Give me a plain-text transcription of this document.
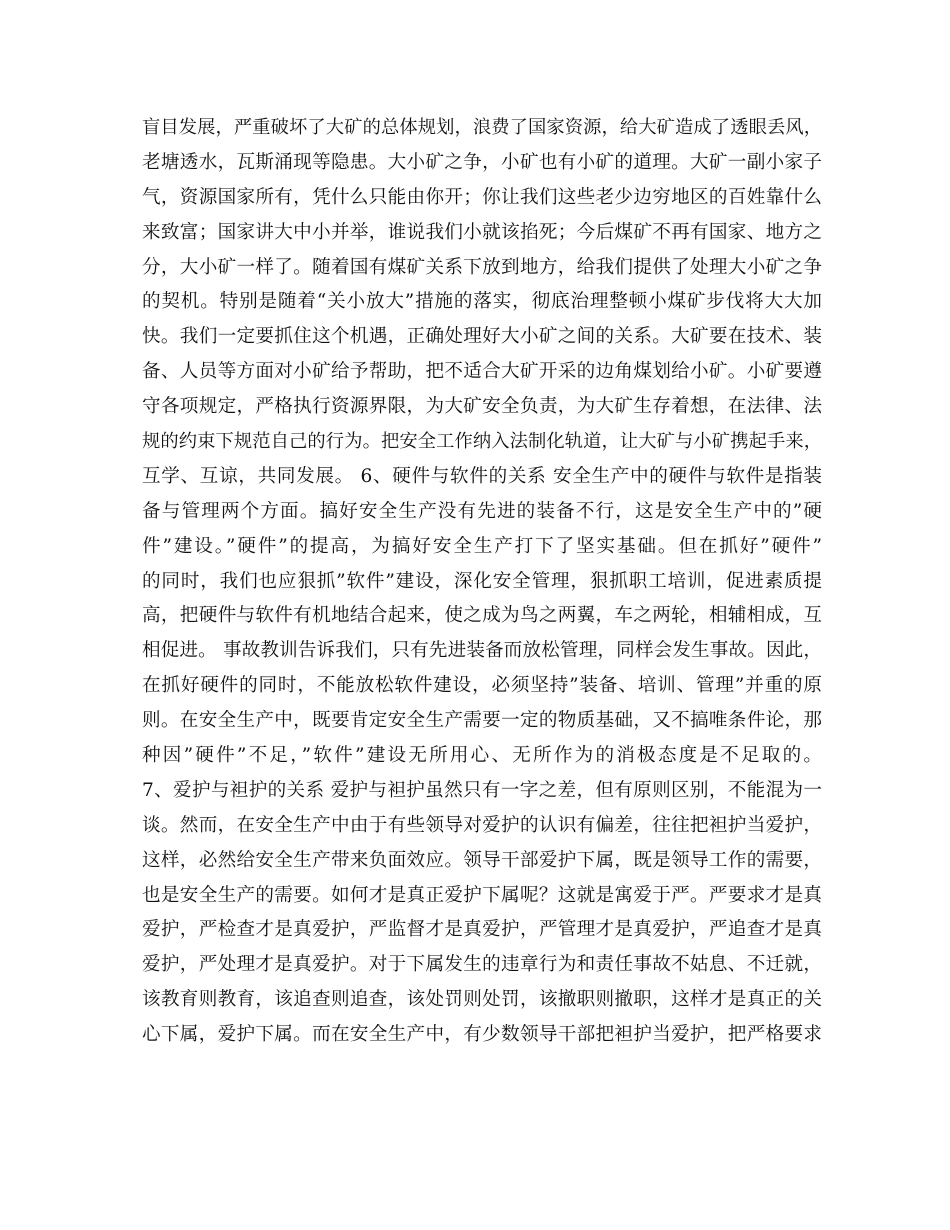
盲目发展，严重破坏了大矿的总体规划，浪费了国家资源，给大矿造成了透眼丢风，
老塘透水，瓦斯涌现等隐患。大小矿之争，小矿也有小矿的道理。大矿一副小家子
气，资源国家所有，凭什么只能由你开；你让我们这些老少边穷地区的百姓靠什么
来致富；国家讲大中小并举，谁说我们小就该掐死；今后煤矿不再有国家、地方之
分，大小矿一样了。随着国有煤矿关系下放到地方，给我们提供了处理大小矿之争
的契机。特别是随着“关小放大”措施的落实，彻底治理整顿小煤矿步伐将大大加
快。我们一定要抓住这个机遇，正确处理好大小矿之间的关系。大矿要在技术、装
备、人员等方面对小矿给予帮助，把不适合大矿开采的边角煤划给小矿。小矿要遵
守各项规定，严格执行资源界限，为大矿安全负责，为大矿生存着想，在法律、法
规的约束下规范自己的行为。把安全工作纳入法制化轨道，让大矿与小矿携起手来，
互学、互谅，共同发展。 6、硬件与软件的关系 安全生产中的硬件与软件是指装
备与管理两个方面。搞好安全生产没有先进的装备不行，这是安全生产中的”硬
件”建设。”硬件”的提高，为搞好安全生产打下了坚实基础。但在抓好”硬件”
的同时，我们也应狠抓”软件”建设，深化安全管理，狠抓职工培训，促进素质提
高，把硬件与软件有机地结合起来，使之成为鸟之两翼，车之两轮，相辅相成，互
相促进。 事故教训告诉我们，只有先进装备而放松管理，同样会发生事故。因此，
在抓好硬件的同时，不能放松软件建设，必须坚持”装备、培训、管理”并重的原
则。在安全生产中，既要肯定安全生产需要一定的物质基础，又不搞唯条件论，那
种因”硬件”不足，”软件”建设无所用心、无所作为的消极态度是不足取的。
7、爱护与袒护的关系 爱护与袒护虽然只有一字之差，但有原则区别，不能混为一
谈。然而，在安全生产中由于有些领导对爱护的认识有偏差，往往把袒护当爱护，
这样，必然给安全生产带来负面效应。领导干部爱护下属，既是领导工作的需要，
也是安全生产的需要。如何才是真正爱护下属呢？这就是寓爱于严。严要求才是真
爱护，严检查才是真爱护，严监督才是真爱护，严管理才是真爱护，严追查才是真
爱护，严处理才是真爱护。对于下属发生的违章行为和责任事故不姑息、不迁就，
该教育则教育，该追查则追查，该处罚则处罚，该撤职则撤职，这样才是真正的关
心下属，爱护下属。而在安全生产中，有少数领导干部把袒护当爱护，把严格要求
